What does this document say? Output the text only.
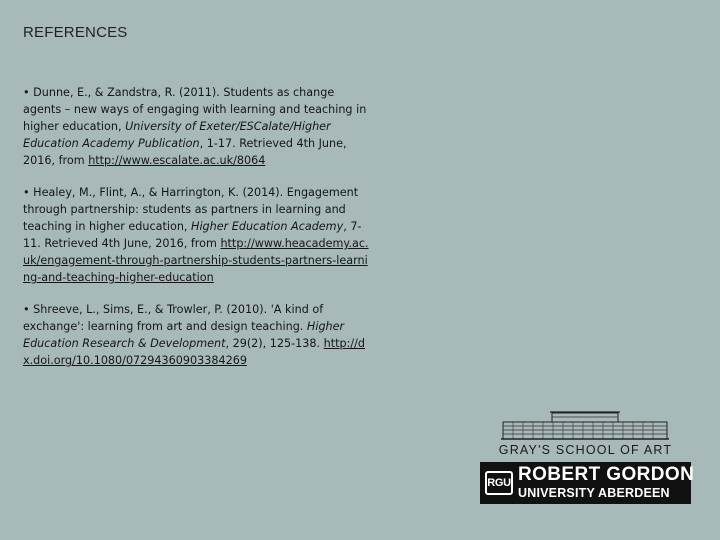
REFERENCES

• Dunne, E., & Zandstra, R. (2011). Students as change agents – new ways of engaging with learning and teaching in higher education, University of Exeter/ESCalate/Higher Education Academy Publication, 1-17. Retrieved 4th June, 2016, from http://www.escalate.ac.uk/8064

• Healey, M., Flint, A., & Harrington, K. (2014). Engagement through partnership: students as partners in learning and teaching in higher education, Higher Education Academy, 7-11. Retrieved 4th June, 2016, from http://www.heacademy.ac.uk/engagement-through-partnership-students-partners-learning-and-teaching-higher-education

• Shreeve, L., Sims, E., & Trowler, P. (2010). 'A kind of exchange': learning from art and design teaching. Higher Education Research & Development, 29(2), 125-138. http://dx.doi.org/10.1080/07294360903384269

GRAY'S SCHOOL OF ART
RGU ROBERT GORDON
UNIVERSITY ABERDEEN
